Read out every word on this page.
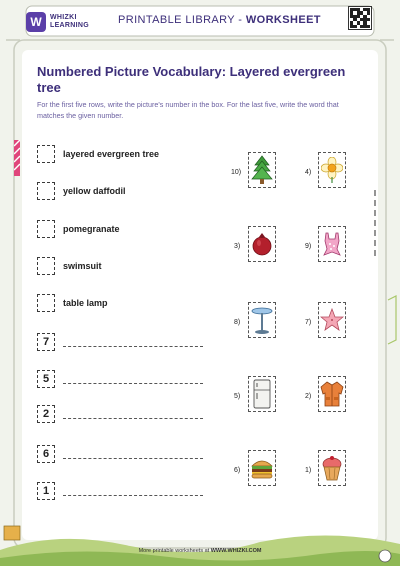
W	WHIZKI
LEARNING	PRINTABLE LIBRARY - WORKSHEET
Numbered Picture Vocabulary: Layered evergreen tree
For the first five rows, write the picture's number in the box. For the last five, write the word that matches the given number.
layered evergreen tree
yellow daffodil
pomegranate
swimsuit
table lamp
7
5
2
6
1
10)	4)
3)	9)
8)	7)
5)	2)
6)	1)
More printable worksheets at WWW.WHIZKI.COM
